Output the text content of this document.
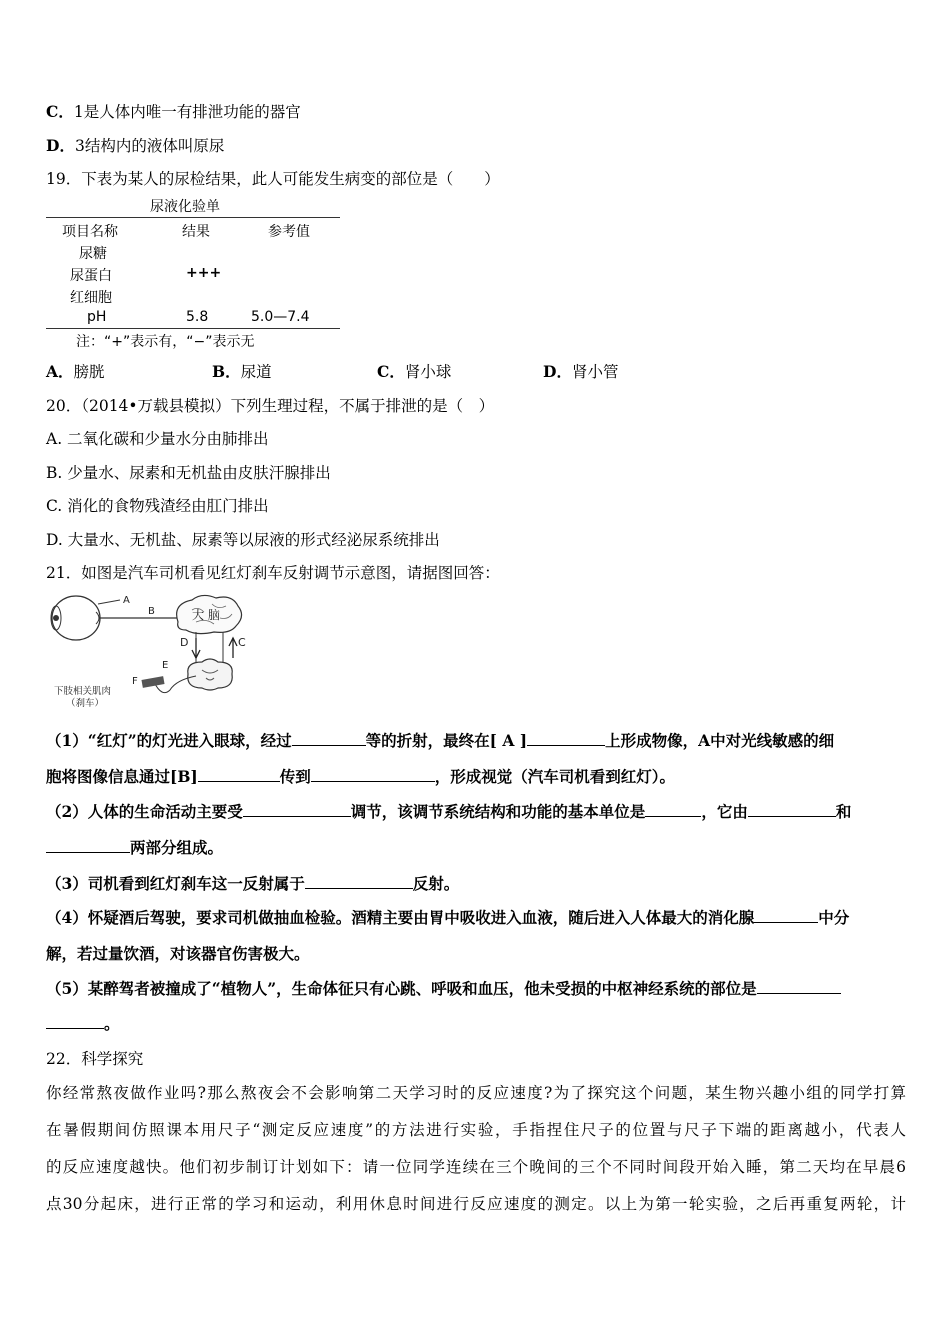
C．1是人体内唯一有排泄功能的器官
D．3结构内的液体叫原尿
19．下表为某人的尿检结果，此人可能发生病变的部位是（　　）
尿液化验单
项目名称	结果	参考值
尿糖
尿蛋白	+++
红细胞
pH	5.8	5.0—7.4
注：“+”表示有，“−”表示无
A．膀胱	B．尿道	C．肾小球	D．肾小管
20．（2014•万载县模拟）下列生理过程，不属于排泄的是（　）
A. 二氧化碳和少量水分由肺排出
B. 少量水、尿素和无机盐由皮肤汗腺排出
C. 消化的食物残渣经由肛门排出
D. 大量水、无机盐、尿素等以尿液的形式经泌尿系统排出
21．如图是汽车司机看见红灯刹车反射调节示意图，请据图回答：
A
B	大 脑
D	C
E
F
下肢相关肌肉
（刹车）
（1）“红灯”的灯光进入眼球，经过	等的折射，最终在[ A ]	上形成物像，A中对光线敏感的细
胞将图像信息通过[B]	传到	，形成视觉（汽车司机看到红灯）。
（2）人体的生命活动主要受	调节，该调节系统结构和功能的基本单位是	，它由	和
两部分组成。
（3）司机看到红灯刹车这一反射属于	反射。
（4）怀疑酒后驾驶，要求司机做抽血检验。酒精主要由胃中吸收进入血液，随后进入人体最大的消化腺	中分
解，若过量饮酒，对该器官伤害极大。
（5）某醉驾者被撞成了“植物人”，生命体征只有心跳、呼吸和血压，他未受损的中枢神经系统的部位是
。
22．科学探究
你经常熬夜做作业吗?那么熬夜会不会影响第二天学习时的反应速度?为了探究这个问题，某生物兴趣小组的同学打算
在暑假期间仿照课本用尺子“测定反应速度”的方法进行实验，手指捏住尺子的位置与尺子下端的距离越小，代表人
的反应速度越快。他们初步制订计划如下：请一位同学连续在三个晚间的三个不同时间段开始入睡，第二天均在早晨6
点30分起床，进行正常的学习和运动，利用休息时间进行反应速度的测定。以上为第一轮实验，之后再重复两轮，计
